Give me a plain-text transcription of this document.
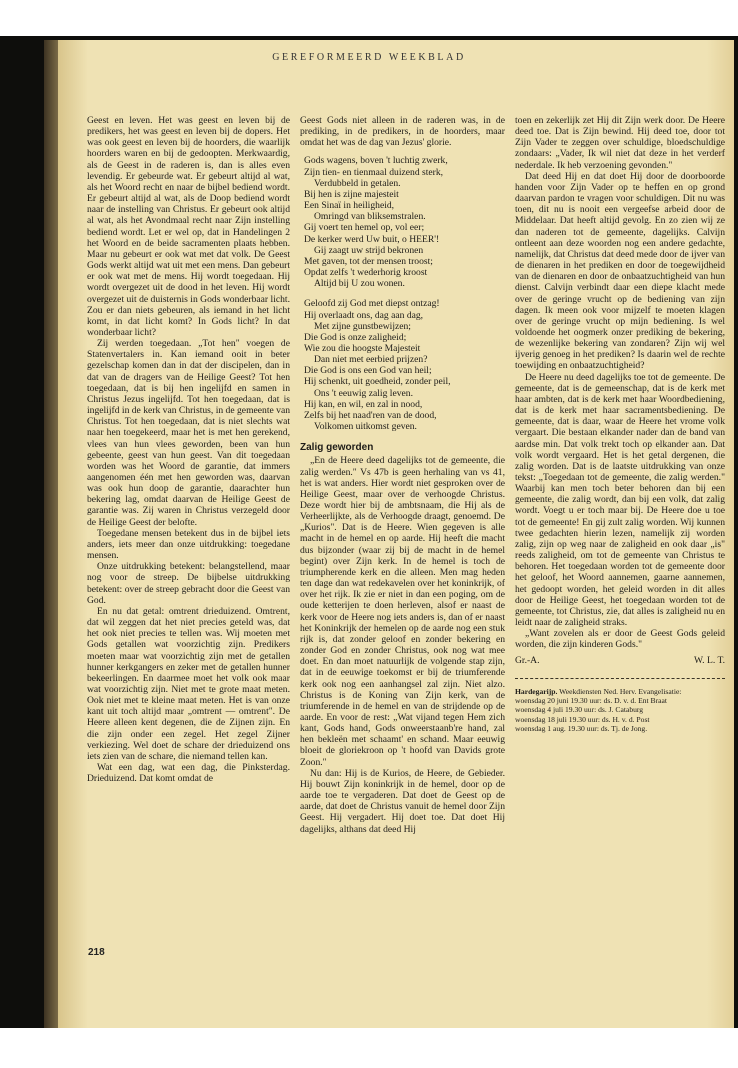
GEREFORMEERD WEEKBLAD

Geest en leven. Het was geest en leven bij de predikers, het was geest en leven bij de dopers. Het was ook geest en leven bij de hoorders, die waarlijk hoorders waren en bij de gedoopten. Merkwaardig, als de Geest in de raderen is, dan is alles even levendig. Er gebeurde wat. Er gebeurt altijd al wat, als het Woord recht en naar de bijbel bediend wordt. Er gebeurt altijd al wat, als de Doop bediend wordt naar de instelling van Christus. Er gebeurt ook altijd al wat, als het Avondmaal recht naar Zijn instelling bediend wordt. Let er wel op, dat in Handelingen 2 het Woord en de beide sacramenten plaats hebben. Maar nu gebeurt er ook wat met dat volk. De Geest Gods werkt altijd wat uit met een mens. Dan gebeurt er ook wat met de mens. Hij wordt toegedaan. Hij wordt overgezet uit de dood in het leven. Hij wordt overgezet uit de duisternis in Gods wonderbaar licht. Zou er dan niets gebeuren, als iemand in het licht komt, in dat licht komt? In Gods licht? In dat wonderbaar licht?

Zij werden toegedaan. „Tot hen" voegen de Statenvertalers in. Kan iemand ooit in beter gezelschap komen dan in dat der discipelen, dan in dat van de dragers van de Heilige Geest? Tot hen toegedaan, dat is bij hen ingelijfd en samen in Christus Jezus ingelijfd. Tot hen toegedaan, dat is ingelijfd in de kerk van Christus, in de gemeente van Christus. Tot hen toegedaan, dat is niet slechts wat naar hen toegekeerd, maar het is met hen gerekend, vlees van hun vlees geworden, been van hun gebeente, geest van hun geest. Van dit toegedaan worden was het Woord de garantie, dat immers aangenomen één met hen geworden was, daarvan was ook hun doop de garantie, daarachter hun bekering lag, omdat daarvan de Heilige Geest de garantie was. Zij waren in Christus verzegeld door de Heilige Geest der belofte.

Toegedane mensen betekent dus in de bijbel iets anders, iets meer dan onze uitdrukking: toegedane mensen.

Onze uitdrukking betekent: belangstellend, maar nog voor de streep. De bijbelse uitdrukking betekent: over de streep gebracht door die Geest van God.

En nu dat getal: omtrent drieduizend. Omtrent, dat wil zeggen dat het niet precies geteld was, dat het ook niet precies te tellen was. Wij moeten met Gods getallen wat voorzichtig zijn. Predikers moeten maar wat voorzichtig zijn met de getallen hunner kerkgangers en zeker met de getallen hunner bekeerlingen. En daarmee moet het volk ook maar wat voorzichtig zijn. Niet met te grote maat meten. Ook niet met te kleine maat meten. Het is van onze kant uit toch altijd maar „omtrent — omtrent". De Heere alleen kent degenen, die de Zijnen zijn. En die zijn onder een zegel. Het zegel Zijner verkiezing. Wel doet de schare der drieduizend ons iets zien van de schare, die niemand tellen kan.

Wat een dag, wat een dag, die Pinksterdag. Drieduizend. Dat komt omdat de

Geest Gods niet alleen in de raderen was, in de prediking, in de predikers, in de hoorders, maar omdat het was de dag van Jezus' glorie.

Gods wagens, boven 't luchtig zwerk,
Zijn tien- en tienmaal duizend sterk,
Verdubbeld in getalen.
Bij hen is zijne majesteit
Een Sinaï in heiligheid,
Omringd van bliksemstralen.
Gij voert ten hemel op, vol eer;
De kerker werd Uw buit, o HEER'!
Gij zaagt uw strijd bekronen
Met gaven, tot der mensen troost;
Opdat zelfs 't wederhorig kroost
Altijd bij U zou wonen.
Geloofd zij God met diepst ontzag!
Hij overlaadt ons, dag aan dag,
Met zijne gunstbewijzen;
Die God is onze zaligheid;
Wie zou die hoogste Majesteit
Dan niet met eerbied prijzen?
Die God is ons een God van heil;
Hij schenkt, uit goedheid, zonder peil,
Ons 't eeuwig zalig leven.
Hij kan, en wil, en zal in nood,
Zelfs bij het naad'ren van de dood,
Volkomen uitkomst geven.
Zalig geworden

„En de Heere deed dagelijks tot de gemeente, die zalig werden." Vs 47b is geen herhaling van vs 41, het is wat anders. Hier wordt niet gesproken over de Heilige Geest, maar over de verhoogde Christus. Deze wordt hier bij de ambtsnaam, die Hij als de Verheerlijkte, als de Verhoogde draagt, genoemd. De „Kurios". Dat is de Heere. Wien gegeven is alle macht in de hemel en op aarde. Hij heeft die macht dus bijzonder (waar zij bij de macht in de hemel begint) over Zijn kerk. In de hemel is toch de triumpherende kerk en die alleen. Men mag heden ten dage dan wat redekavelen over het koninkrijk, of over het rijk. Ik zie er niet in dan een poging, om de oude ketterijen te doen herleven, alsof er naast de kerk voor de Heere nog iets anders is, dan of er naast het Koninkrijk der hemelen op de aarde nog een stuk rijk is, dat zonder geloof en zonder bekering en zonder God en zonder Christus, ook nog wat mee doet. En dan moet natuurlijk de volgende stap zijn, dat in de eeuwige toekomst er bij de triumferende kerk ook nog een aanhangsel zal zijn. Niet alzo. Christus is de Koning van Zijn kerk, van de triumferende in de hemel en van de strijdende op de aarde. En voor de rest: „Wat vijand tegen Hem zich kant, Gods hand, Gods onweerstaanb're hand, zal hen bekleën met schaamt' en schand. Maar eeuwig bloeit de gloriekroon op 't hoofd van Davids grote Zoon."

Nu dan: Hij is de Kurios, de Heere, de Gebieder. Hij bouwt Zijn koninkrijk in de hemel, door op de aarde toe te vergaderen. Dat doet de Geest op de aarde, dat doet de Christus vanuit de hemel door Zijn Geest. Hij vergadert. Hij doet toe. Dat doet Hij dagelijks, althans dat deed Hij

toen en zekerlijk zet Hij dit Zijn werk door. De Heere deed toe. Dat is Zijn bewind. Hij deed toe, door tot Zijn Vader te zeggen over schuldige, bloedschuldige zondaars: „Vader, Ik wil niet dat deze in het verderf nederdale. Ik heb verzoening gevonden."

Dat deed Hij en dat doet Hij door de doorboorde handen voor Zijn Vader op te heffen en op grond daarvan pardon te vragen voor schuldigen. Dit nu was toen, dit nu is nooit een vergeefse arbeid door de Middelaar. Dat heeft altijd gevolg. En zo zien wij ze dan naderen tot de gemeente, dagelijks. Calvijn ontleent aan deze woorden nog een andere gedachte, namelijk, dat Christus dat deed mede door de ijver van de dienaren in het prediken en door de toegewijdheid van de dienaren en door de onbaatzuchtigheid van hun dienst. Calvijn verbindt daar een diepe klacht mede over de geringe vrucht op de bediening van zijn dagen. Ik meen ook voor mijzelf te moeten klagen over de geringe vrucht op mijn bediening. Is wel voldoende het oogmerk onzer prediking de bekering, de wezenlijke bekering van zondaren? Zijn wij wel ijverig genoeg in het prediken? Is daarin wel de rechte toewijding en onbaatzuchtigheid?

De Heere nu deed dagelijks toe tot de gemeente. De gemeente, dat is de gemeenschap, dat is de kerk met haar ambten, dat is de kerk met haar Woordbediening, dat is de kerk met haar sacramentsbediening. De gemeente, dat is daar, waar de Heere het vrome volk vergaart. Die bestaan elkander nader dan de band van aardse min. Dat volk trekt toch op elkander aan. Dat volk wordt vergaard. Het is het getal dergenen, die zalig worden. Dat is de laatste uitdrukking van onze tekst: „Toegedaan tot de gemeente, die zalig werden." Waarbij kan men toch beter behoren dan bij een gemeente, die zalig wordt, dan bij een volk, dat zalig wordt. Voegt u er toch maar bij. De Heere doe u toe tot de gemeente! En gij zult zalig worden. Wij kunnen twee gedachten hierin lezen, namelijk zij worden zalig, zijn op weg naar de zaligheid en ook daar „is" reeds zaligheid, om tot de gemeente van Christus te behoren. Het toegedaan worden tot de gemeente door het geloof, het Woord aannemen, gaarne aannemen, het gedoopt worden, het geleid worden in dit alles door de Heilige Geest, het toegedaan worden tot de gemeente, tot Christus, zie, dat alles is zaligheid nu en leidt naar de zaligheid straks.

„Want zovelen als er door de Geest Gods geleid worden, die zijn kinderen Gods."

Gr.-A.	W. L. T.
Hardegarijp. Weekdiensten Ned. Herv. Evangelisatie:
woensdag 20 juni 19.30 uur: ds. D. v. d. Ent Braat
woensdag 4 juli 19.30 uur: ds. J. Cataburg
woensdag 18 juli 19.30 uur: ds. H. v. d. Post
woensdag 1 aug. 19.30 uur: ds. Tj. de Jong.
218
